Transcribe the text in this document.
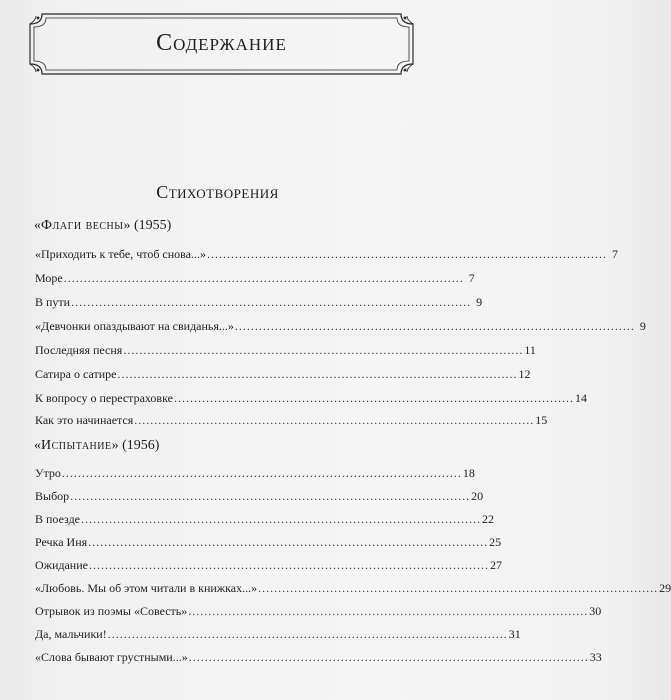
Содержание
Стихотворения
«Флаги весны» (1955)
«Приходить к тебе, чтоб снова...» .................................................................................................... 7
Море .................................................................................................... 7
В пути .................................................................................................... 9
«Девчонки опаздывают на свиданья...» .................................................................................................... 9
Последняя песня .................................................................................................... 11
Сатира о сатире .................................................................................................... 12
К вопросу о перестраховке .................................................................................................... 14
Как это начинается .................................................................................................... 15
«Испытание» (1956)
Утро .................................................................................................... 18
Выбор .................................................................................................... 20
В поезде .................................................................................................... 22
Речка Иня .................................................................................................... 25
Ожидание .................................................................................................... 27
«Любовь. Мы об этом читали в книжках...» .................................................................................................... 29
Отрывок из поэмы «Совесть» .................................................................................................... 30
Да, мальчики! .................................................................................................... 31
«Слова бывают грустными...» .................................................................................................... 33
